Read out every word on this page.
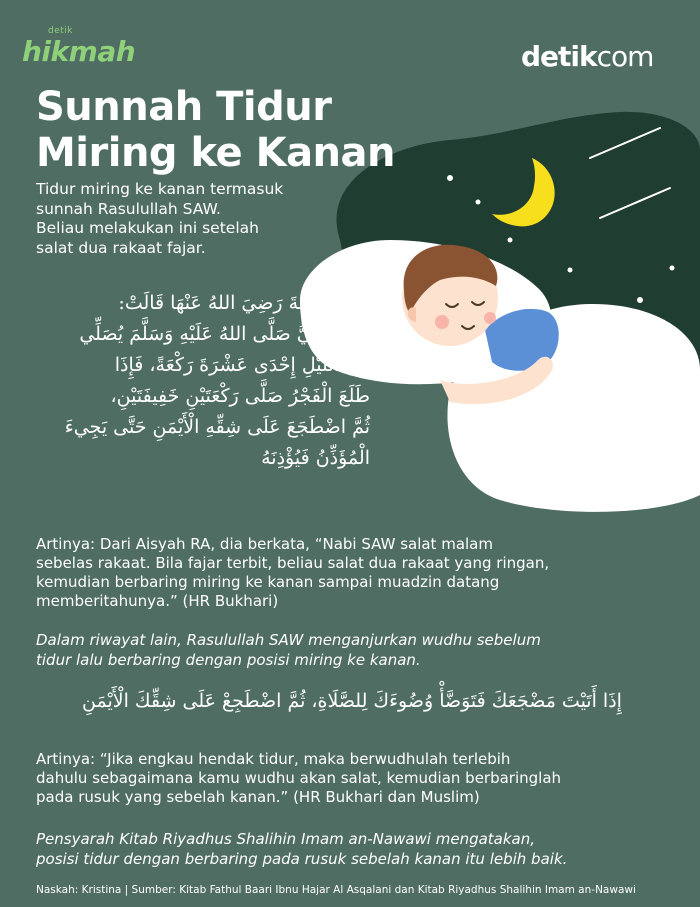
detik
hikmah	detikcom
Sunnah Tidur
Miring ke Kanan
Tidur miring ke kanan termasuk
sunnah Rasulullah SAW.
Beliau melakukan ini setelah
salat dua rakaat fajar.
عَنْ عَائِشَةَ رَضِيَ اللهُ عَنْهَا قَالَتْ:
كَانَ النَّبِيُّ صَلَّى اللهُ عَلَيْهِ وَسَلَّمَ يُصَلِّي
مِنَ اللَّيْلِ إِحْدَى عَشْرَةَ رَكْعَةً، فَإِذَا
طَلَعَ الْفَجْرُ صَلَّى رَكْعَتَيْنِ خَفِيفَتَيْنِ،
ثُمَّ اضْطَجَعَ عَلَى شِقِّهِ الْأَيْمَنِ حَتَّى يَجِيءَ
الْمُؤَذِّنُ فَيُؤْذِنَهُ
Artinya: Dari Aisyah RA, dia berkata, “Nabi SAW salat malam
sebelas rakaat. Bila fajar terbit, beliau salat dua rakaat yang ringan,
kemudian berbaring miring ke kanan sampai muadzin datang
memberitahunya.” (HR Bukhari)
Dalam riwayat lain, Rasulullah SAW menganjurkan wudhu sebelum
tidur lalu berbaring dengan posisi miring ke kanan.
إِذَا أَتَيْتَ مَضْجَعَكَ فَتَوَضَّأْ وُضُوءَكَ لِلصَّلَاةِ، ثُمَّ اضْطَجِعْ عَلَى شِقِّكَ الْأَيْمَنِ
Artinya: “Jika engkau hendak tidur, maka berwudhulah terlebih
dahulu sebagaimana kamu wudhu akan salat, kemudian berbaringlah
pada rusuk yang sebelah kanan.” (HR Bukhari dan Muslim)
Pensyarah Kitab Riyadhus Shalihin Imam an-Nawawi mengatakan,
posisi tidur dengan berbaring pada rusuk sebelah kanan itu lebih baik.
Naskah: Kristina | Sumber: Kitab Fathul Baari Ibnu Hajar Al Asqalani dan Kitab Riyadhus Shalihin Imam an-Nawawi
